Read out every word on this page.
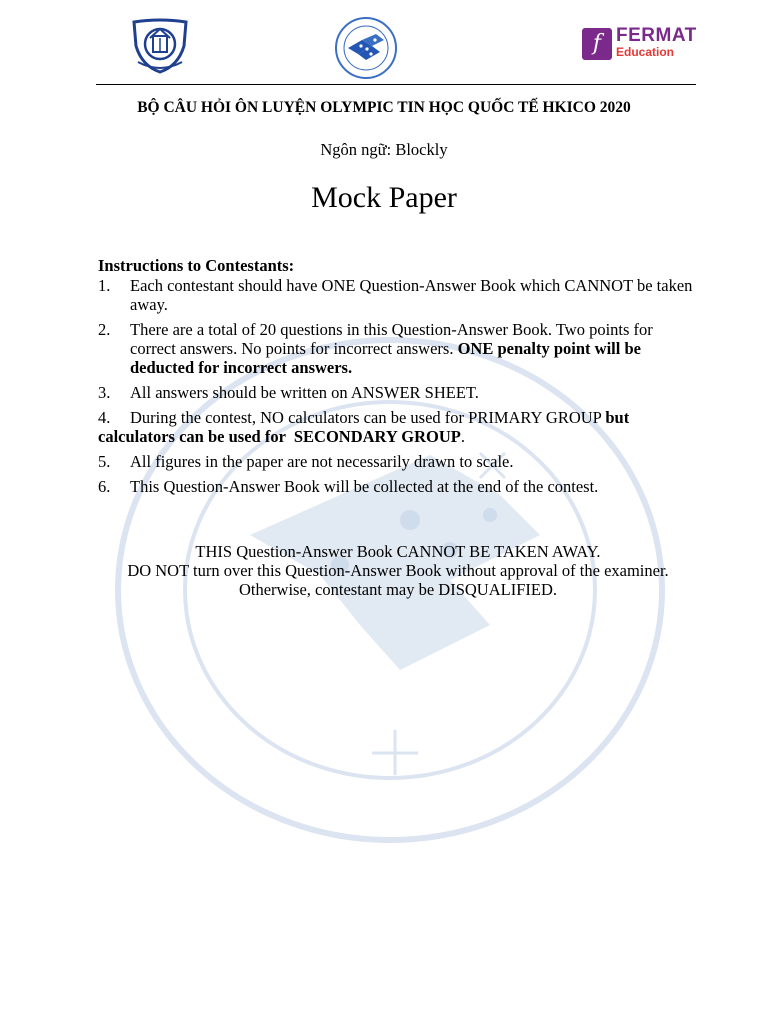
f FERMAT
Education

BỘ CÂU HỎI ÔN LUYỆN OLYMPIC TIN HỌC QUỐC TẾ HKICO 2020

Ngôn ngữ: Blockly

Mock Paper

Instructions to Contestants:

1. Each contestant should have ONE Question-Answer Book which CANNOT be taken away.

2. There are a total of 20 questions in this Question-Answer Book. Two points for correct answers. No points for incorrect answers. ONE penalty point will be deducted for incorrect answers.

3. All answers should be written on ANSWER SHEET.

4. During the contest, NO calculators can be used for PRIMARY GROUP but calculators can be used for  SECONDARY GROUP.

5. All figures in the paper are not necessarily drawn to scale.

6. This Question-Answer Book will be collected at the end of the contest.

THIS Question-Answer Book CANNOT BE TAKEN AWAY.

DO NOT turn over this Question-Answer Book without approval of the examiner.

Otherwise, contestant may be DISQUALIFIED.
